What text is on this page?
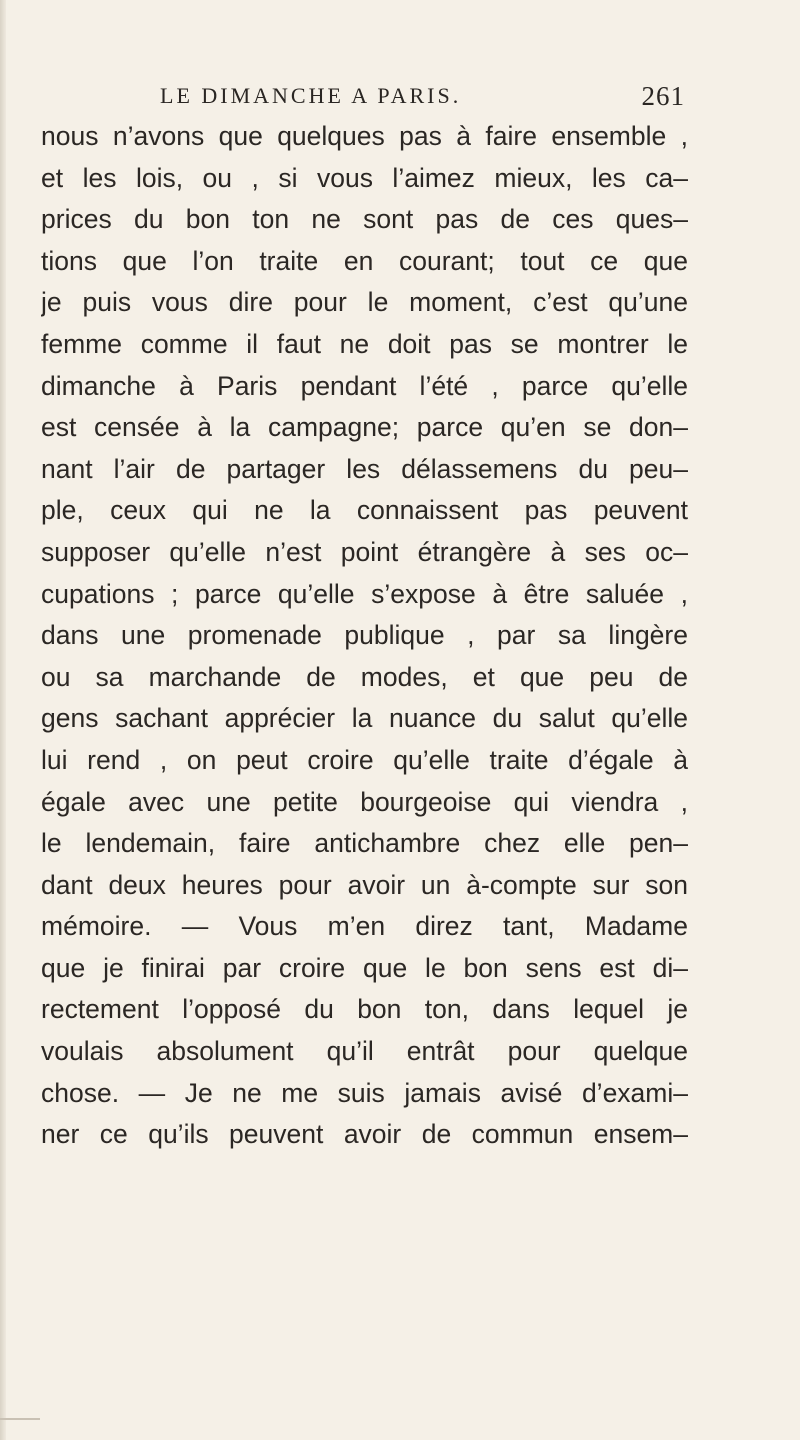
LE DIMANCHE A PARIS.	261
nous n’avons que quelques pas à faire ensemble ,
et les lois, ou , si vous l’aimez mieux, les ca–
prices du bon ton ne sont pas de ces ques–
tions que l’on traite en courant; tout ce que
je puis vous dire pour le moment, c’est qu’une
femme comme il faut ne doit pas se montrer le
dimanche à Paris pendant l’été , parce qu’elle
est censée à la campagne; parce qu’en se don–
nant l’air de partager les délassemens du peu–
ple, ceux qui ne la connaissent pas peuvent
supposer qu’elle n’est point étrangère à ses oc–
cupations ; parce qu’elle s’expose à être saluée ,
dans une promenade publique , par sa lingère
ou sa marchande de modes, et que peu de
gens sachant apprécier la nuance du salut qu’elle
lui rend , on peut croire qu’elle traite d’égale à
égale avec une petite bourgeoise qui viendra ,
le lendemain, faire antichambre chez elle pen–
dant deux heures pour avoir un à-compte sur son
mémoire. — Vous m’en direz tant, Madame
que je finirai par croire que le bon sens est di–
rectement l’opposé du bon ton, dans lequel je
voulais absolument qu’il entrât pour quelque
chose. — Je ne me suis jamais avisé d’exami–
ner ce qu’ils peuvent avoir de commun ensem–
